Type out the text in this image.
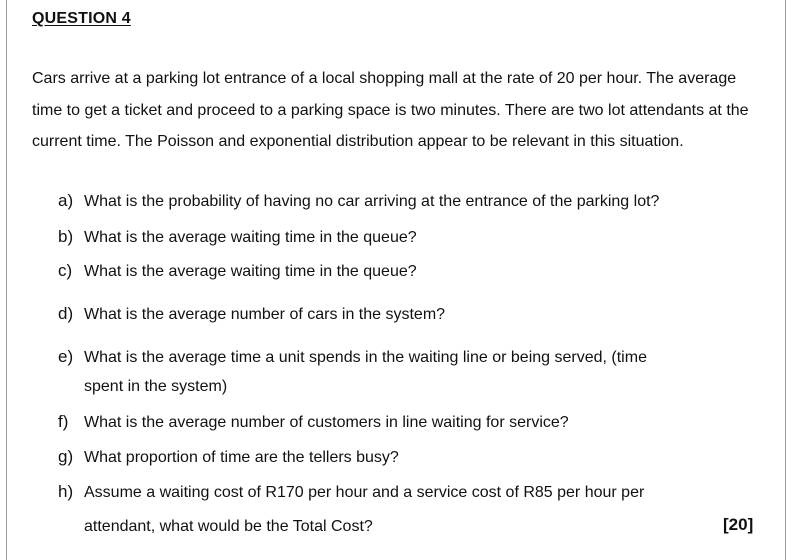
QUESTION 4

Cars arrive at a parking lot entrance of a local shopping mall at the rate of 20 per hour. The average time to get a ticket and proceed to a parking space is two minutes. There are two lot attendants at the current time. The Poisson and exponential distribution appear to be relevant in this situation.

a) What is the probability of having no car arriving at the entrance of the parking lot?
b) What is the average waiting time in the queue?
c) What is the average waiting time in the queue?
d) What is the average number of cars in the system?
e) What is the average time a unit spends in the waiting line or being served, (time
spent in the system)
f) What is the average number of customers in line waiting for service?
g) What proportion of time are the tellers busy?
h) Assume a waiting cost of R170 per hour and a service cost of R85 per hour per
attendant, what would be the Total Cost?	[20]
